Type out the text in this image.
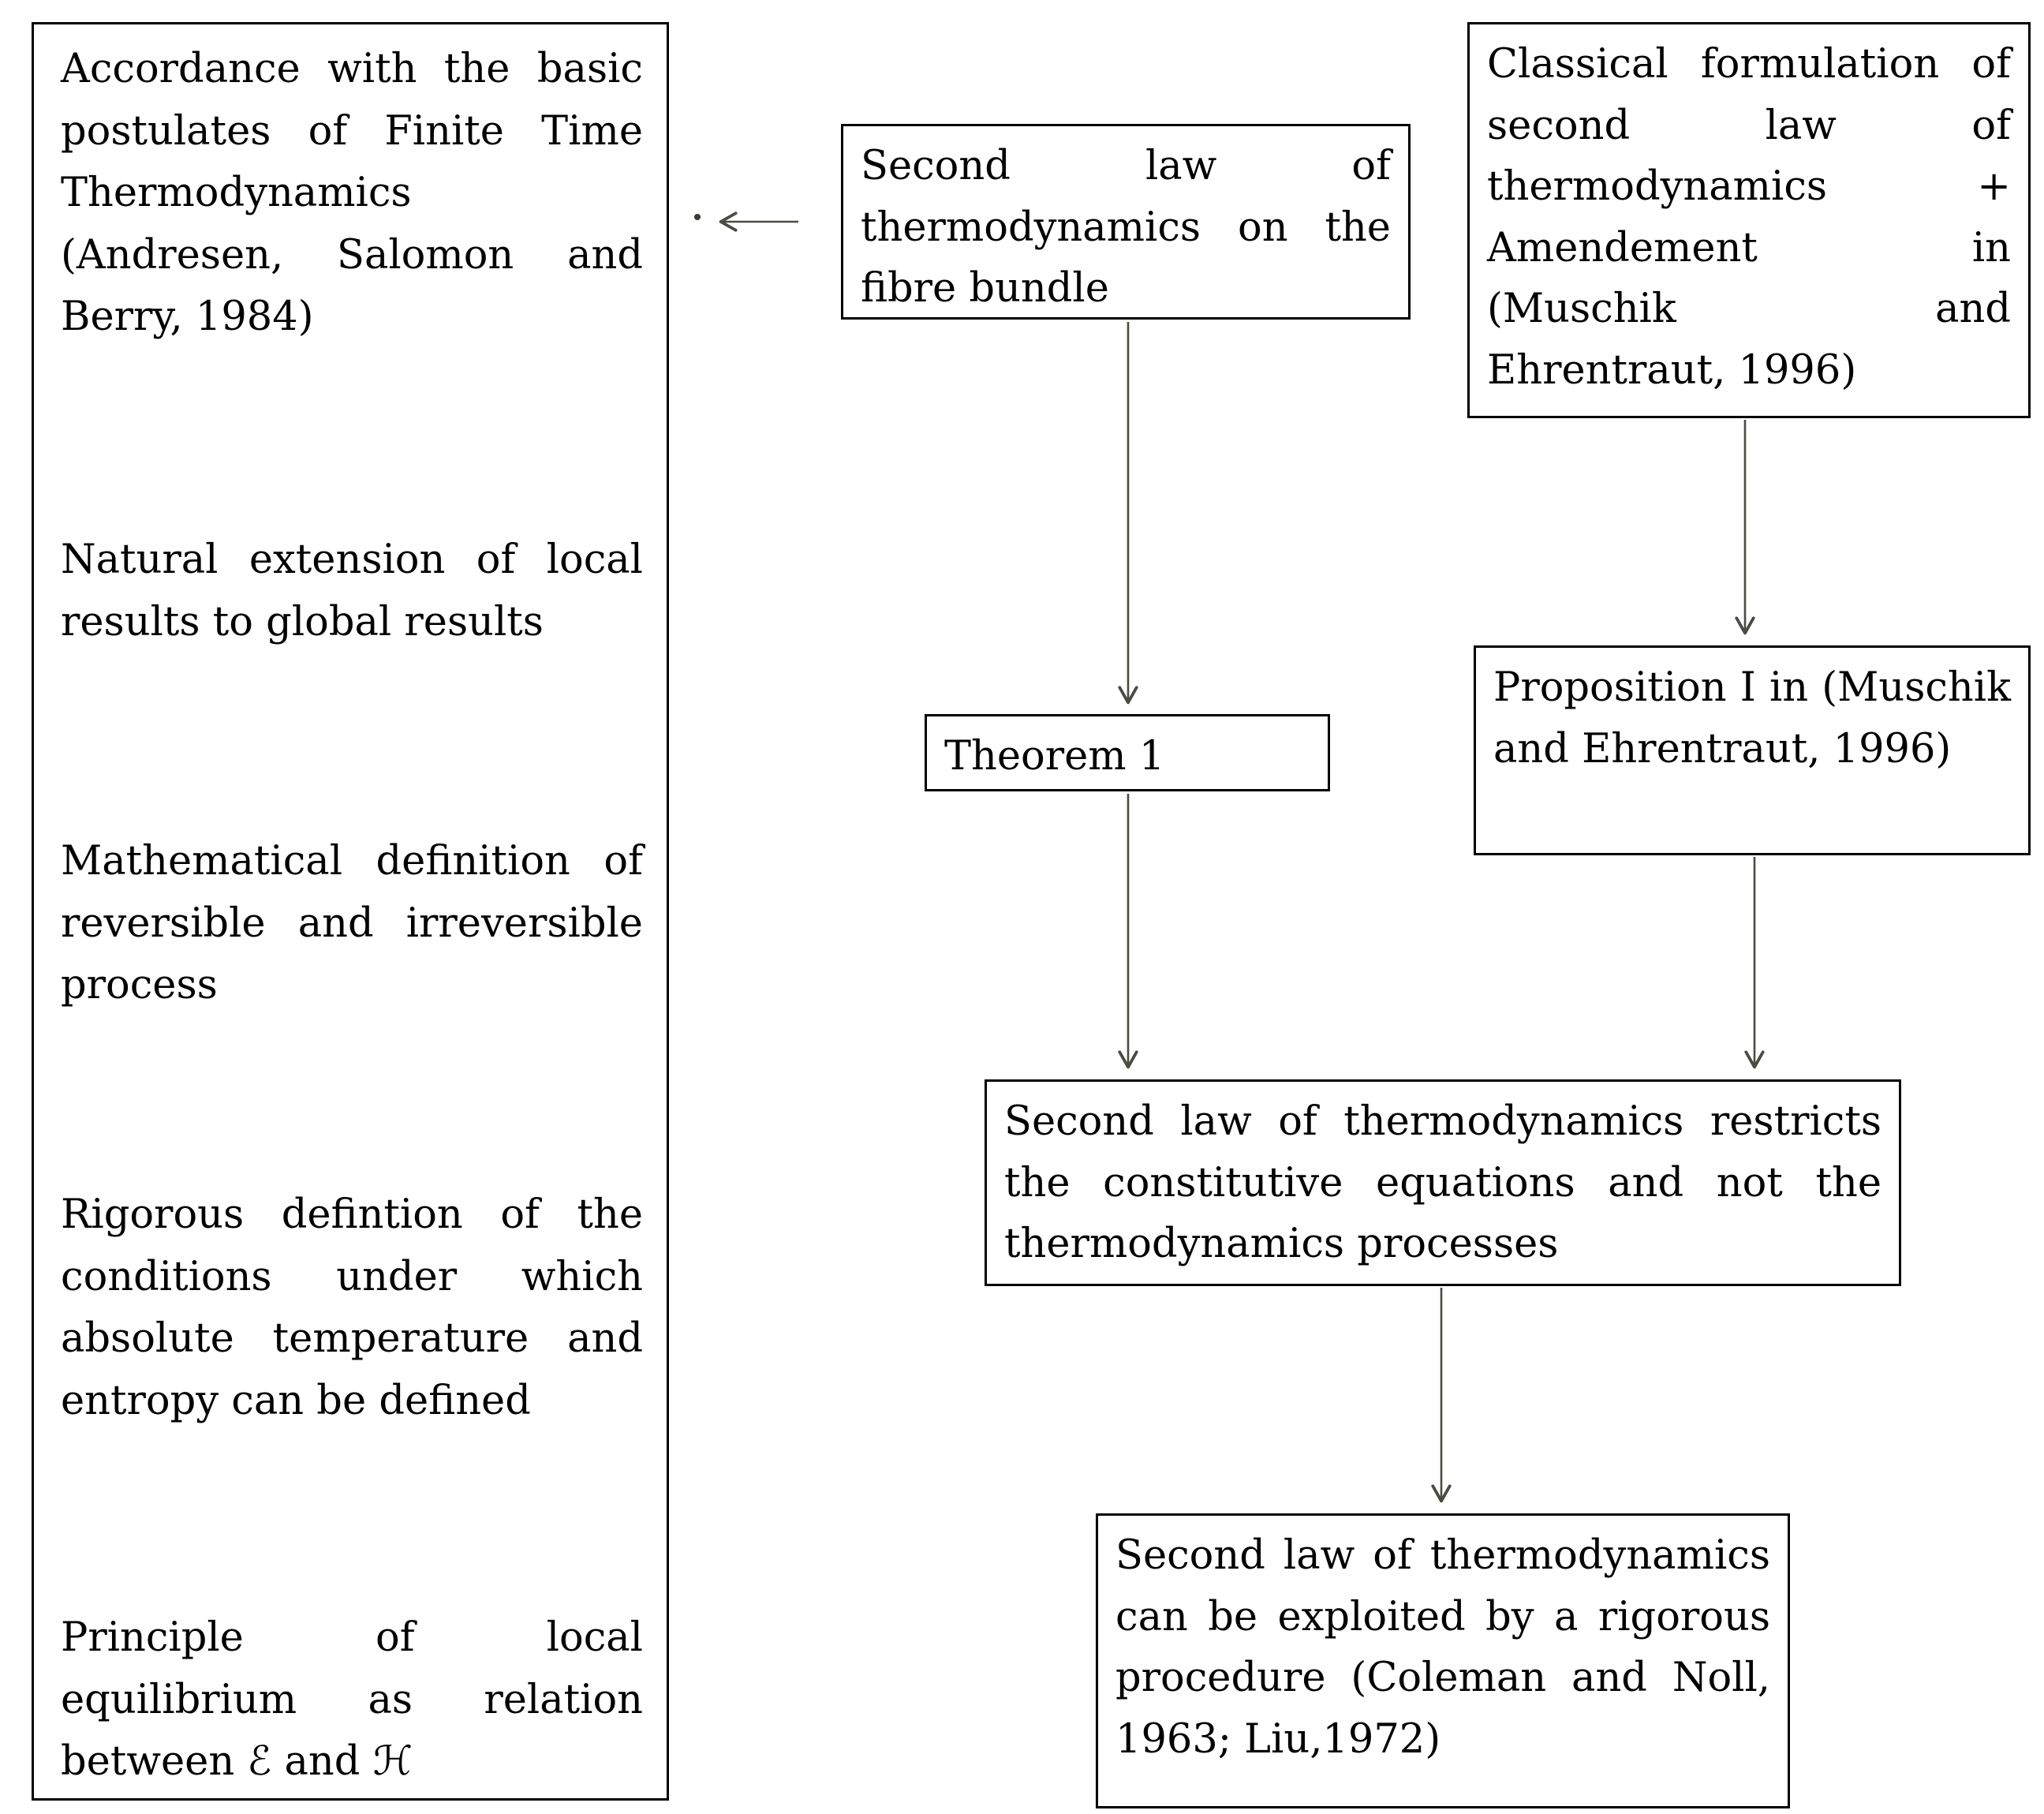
Accordance with the basic postulates of Finite Time Thermodynamics (Andresen, Salomon and Berry, 1984)

Natural extension of local results to global results

Mathematical definition of reversible and irreversible process

Rigorous defintion of the conditions under which absolute temperature and entropy can be defined

Principle of local equilibrium as relation between ℰ and ℋ

Second law of thermodynamics on the fibre bundle
Classical formulation of second law of thermodynamics + Amendement in (Muschik and Ehrentraut, 1996)
Theorem 1
Proposition I in (Muschik and Ehrentraut, 1996)
Second law of thermodynamics restricts the constitutive equations and not the thermodynamics processes
Second law of thermodynamics can be exploited by a rigorous procedure (Coleman and Noll, 1963; Liu,1972)
